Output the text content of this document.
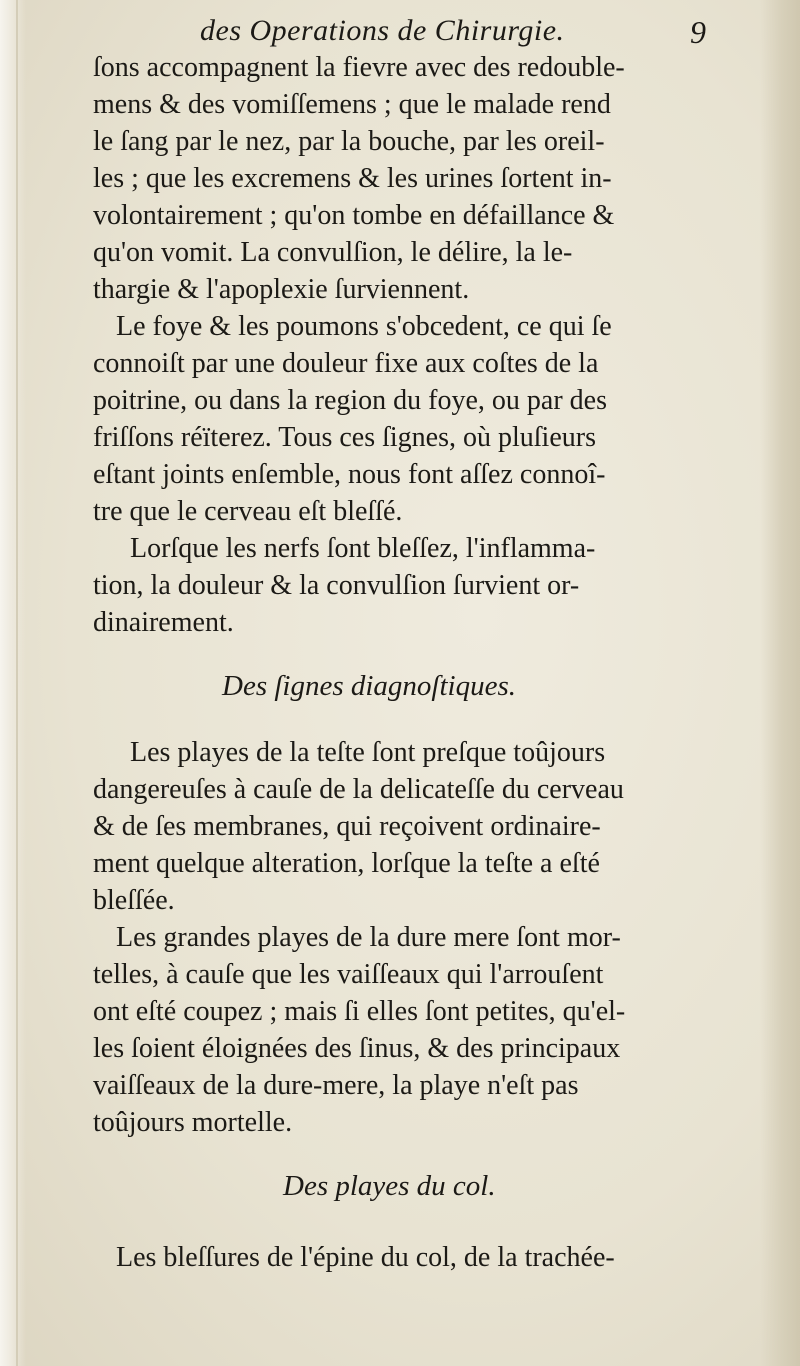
des Operations de Chirurgie.	9
ſons accompagnent la fievre avec des redouble-
mens & des vomiſſemens ; que le malade rend
le ſang par le nez, par la bouche, par les oreil-
les ; que les excremens & les urines ſortent in-
volontairement ; qu'on tombe en défaillance &
qu'on vomit. La convulſion, le délire, la le-
thargie & l'apoplexie ſurviennent.
Le foye & les poumons s'obcedent, ce qui ſe
connoiſt par une douleur fixe aux coſtes de la
poitrine, ou dans la region du foye, ou par des
friſſons réïterez. Tous ces ſignes, où pluſieurs
eſtant joints enſemble, nous font aſſez connoî-
tre que le cerveau eſt bleſſé.
Lorſque les nerfs ſont bleſſez, l'inflamma-
tion, la douleur & la convulſion ſurvient or-
dinairement.
Des ſignes diagnoſtiques.
Les playes de la teſte ſont preſque toûjours
dangereuſes à cauſe de la delicateſſe du cerveau
& de ſes membranes, qui reçoivent ordinaire-
ment quelque alteration, lorſque la teſte a eſté
bleſſée.
Les grandes playes de la dure mere ſont mor-
telles, à cauſe que les vaiſſeaux qui l'arrouſent
ont eſté coupez ; mais ſi elles ſont petites, qu'el-
les ſoient éloignées des ſinus, & des principaux
vaiſſeaux de la dure-mere, la playe n'eſt pas
toûjours mortelle.
Des playes du col.
Les bleſſures de l'épine du col, de la trachée-
